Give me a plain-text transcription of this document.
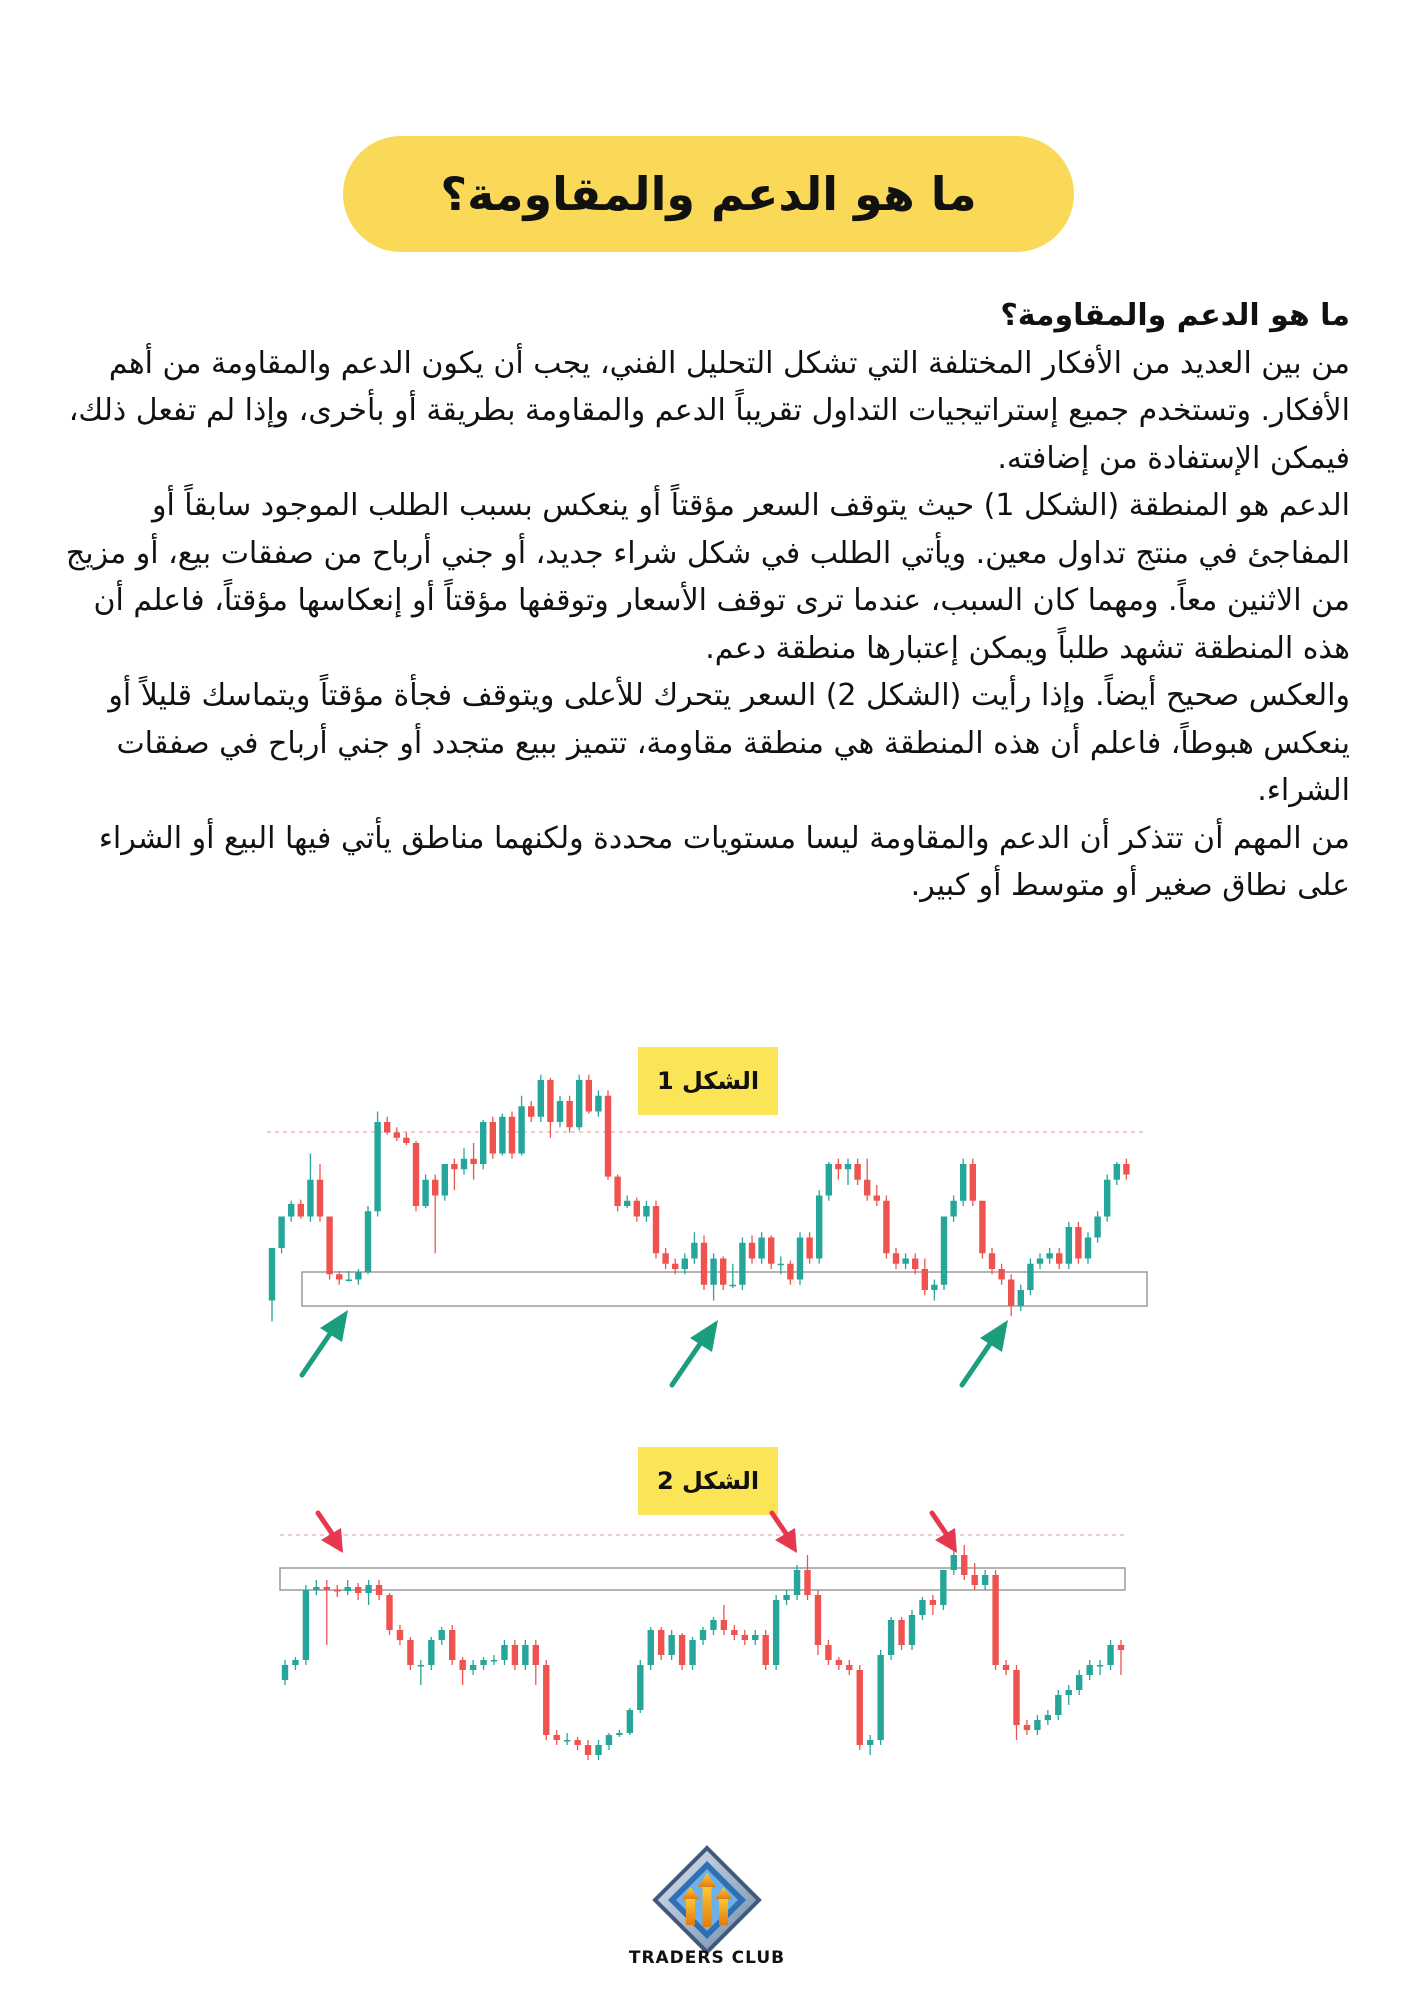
ما هو الدعم والمقاومة؟

ما هو الدعم والمقاومة؟

من بين العديد من الأفكار المختلفة التي تشكل التحليل الفني، يجب أن يكون الدعم والمقاومة من أهم الأفكار. وتستخدم جميع إستراتيجيات التداول تقريباً الدعم والمقاومة بطريقة أو بأخرى، وإذا لم تفعل ذلك، فيمكن الإستفادة من إضافته.

الدعم هو المنطقة (الشكل 1) حيث يتوقف السعر مؤقتاً أو ينعكس بسبب الطلب الموجود سابقاً أو المفاجئ في منتج تداول معين. ويأتي الطلب في شكل شراء جديد، أو جني أرباح من صفقات بيع، أو مزيج من الاثنين معاً. ومهما كان السبب، عندما ترى توقف الأسعار وتوقفها مؤقتاً أو إنعكاسها مؤقتاً، فاعلم أن هذه المنطقة تشهد طلباً ويمكن إعتبارها منطقة دعم.

والعكس صحيح أيضاً. وإذا رأيت (الشكل 2) السعر يتحرك للأعلى ويتوقف فجأة مؤقتاً ويتماسك قليلاً أو ينعكس هبوطاً، فاعلم أن هذه المنطقة هي منطقة مقاومة، تتميز ببيع متجدد أو جني أرباح في صفقات الشراء.

من المهم أن تتذكر أن الدعم والمقاومة ليسا مستويات محددة ولكنهما مناطق يأتي فيها البيع أو الشراء على نطاق صغير أو متوسط أو كبير.

الشكل 1
الشكل 2
TRADERS CLUB
